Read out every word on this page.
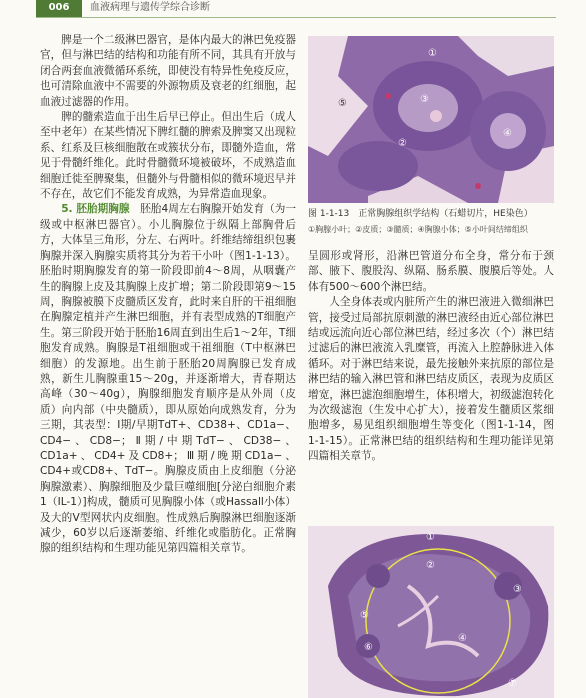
006	血液病理与遗传学综合诊断

脾是一个二级淋巴器官，是体内最大的淋巴免疫器官，但与淋巴结的结构和功能有所不同，其具有开放与闭合两套血液微循环系统，即使没有特异性免疫反应，也可清除血液中不需要的外源物质及衰老的红细胞，起血液过滤器的作用。

脾的髓索造血于出生后早已停止。但出生后（成人至中老年）在某些情况下脾红髓的脾索及脾窦又出现粒系、红系及巨核细胞散在或簇状分布，即髓外造血，常见于骨髓纤维化。此时骨髓微环境被破坏，不成熟造血细胞迁徙至脾聚集，但髓外与骨髓相似的微环境迟早并不存在，故它们不能发育成熟，为异常造血现象。

5. 胚胎期胸腺　 胚胎4周左右胸腺开始发育（为一级或中枢淋巴器官）。小儿胸腺位于纵隔上部胸骨后方，大体呈三角形，分左、右两叶。纤维结缔组织包裹胸腺并深入胸腺实质将其分为若干小叶（图1-1-13）。胚胎时期胸腺发育的第一阶段即前4～8周，从咽囊产生的胸腺上皮及其胸腺上皮扩增；第二阶段即第9～15周，胸腺被膜下皮髓质区发育，此时来自肝的干祖细胞在胸腺定植并产生淋巴细胞，并有表型成熟的T细胞产生。第三阶段开始于胚胎16周直到出生后1～2年，T细胞发育成熟。胸腺是T祖细胞或干祖细胞（T中枢淋巴细胞）的发源地。出生前于胚胎20周胸腺已发育成熟，新生儿胸腺重15～20g，并逐渐增大，青春期达高峰（30～40g），胸腺细胞发育顺序是从外周（皮质）向内部（中央髓质），即从原始向成熟发育，分为三期，其表型：Ⅰ期/早期TdT+、CD38+、CD1a−、CD4−、CD8−；Ⅱ期/中期TdT−、CD38−、CD1a+、CD4+及CD8+；Ⅲ期/晚期CD1a−、CD4+或CD8+、TdT−。胸腺皮质由上皮细胞（分泌胸腺激素）、胸腺细胞及少量巨噬细胞[分泌白细胞介素1（IL-1）]构成，髓质可见胸腺小体（或Hassall小体）及大的V型网状内皮细胞。性成熟后胸腺淋巴细胞逐渐减少，60岁以后逐渐萎缩、纤维化或脂肪化。正常胸腺的组织结构和生理功能见第四篇相关章节。

①
②
③
④
⑤
图 1-1-13　正常胸腺组织学结构（石蜡切片，HE染色）
①胸腺小叶；②皮质；③髓质；④胸腺小体；⑤小叶间结缔组织

呈圆形或肾形，沿淋巴管道分布全身，常分布于颈部、腋下、腹股沟、纵隔、肠系膜、腹膜后等处。人体有500～600个淋巴结。

人全身体表或内脏所产生的淋巴液进入微细淋巴管，接受过局部抗原刺激的淋巴液经由近心部位淋巴结或远流向近心部位淋巴结，经过多次（个）淋巴结过滤后的淋巴液流入乳糜管，再流入上腔静脉进入体循环。对于淋巴结来说，最先接触外来抗原的部位是淋巴结的输入淋巴管和淋巴结皮质区，表现为皮质区增宽，淋巴滤泡细胞增生，体积增大，初级滤泡转化为次级滤泡（生发中心扩大），接着发生髓质区浆细胞增多，易见组织细胞增生等变化（图1-1-14，图1-1-15）。正常淋巴结的组织结构和生理功能详见第四篇相关章节。

①
②
③
④
⑤
⑥
⑦
